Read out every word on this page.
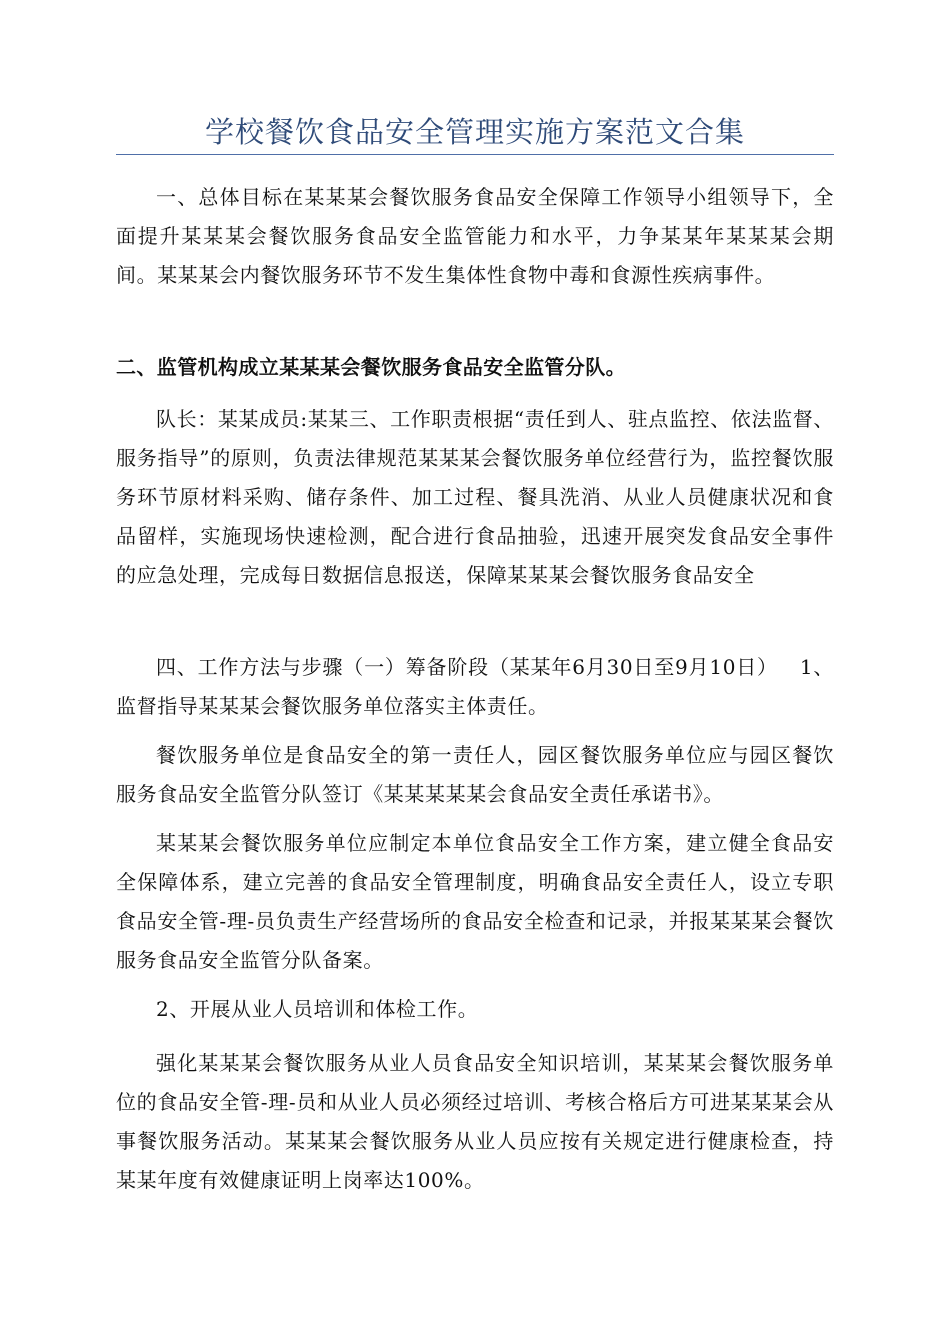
学校餐饮食品安全管理实施方案范文合集

一、总体目标在某某某会餐饮服务食品安全保障工作领导小组领导下，全面提升某某某会餐饮服务食品安全监管能力和水平，力争某某年某某某会期间。某某某会内餐饮服务环节不发生集体性食物中毒和食源性疾病事件。

二、监管机构成立某某某会餐饮服务食品安全监管分队。

队长：某某成员:某某三、工作职责根据“责任到人、驻点监控、依法监督、服务指导”的原则，负责法律规范某某某会餐饮服务单位经营行为，监控餐饮服务环节原材料采购、储存条件、加工过程、餐具洗消、从业人员健康状况和食品留样，实施现场快速检测，配合进行食品抽验，迅速开展突发食品安全事件的应急处理，完成每日数据信息报送，保障某某某会餐饮服务食品安全

四、工作方法与步骤（一）筹备阶段（某某年6月30日至9月10日） 1、监督指导某某某会餐饮服务单位落实主体责任。

餐饮服务单位是食品安全的第一责任人，园区餐饮服务单位应与园区餐饮服务食品安全监管分队签订《某某某某某会食品安全责任承诺书》。

某某某会餐饮服务单位应制定本单位食品安全工作方案，建立健全食品安全保障体系，建立完善的食品安全管理制度，明确食品安全责任人，设立专职食品安全管-理-员负责生产经营场所的食品安全检查和记录，并报某某某会餐饮服务食品安全监管分队备案。

2、开展从业人员培训和体检工作。

强化某某某会餐饮服务从业人员食品安全知识培训，某某某会餐饮服务单位的食品安全管-理-员和从业人员必须经过培训、考核合格后方可进某某某会从事餐饮服务活动。某某某会餐饮服务从业人员应按有关规定进行健康检查，持某某年度有效健康证明上岗率达100%。
